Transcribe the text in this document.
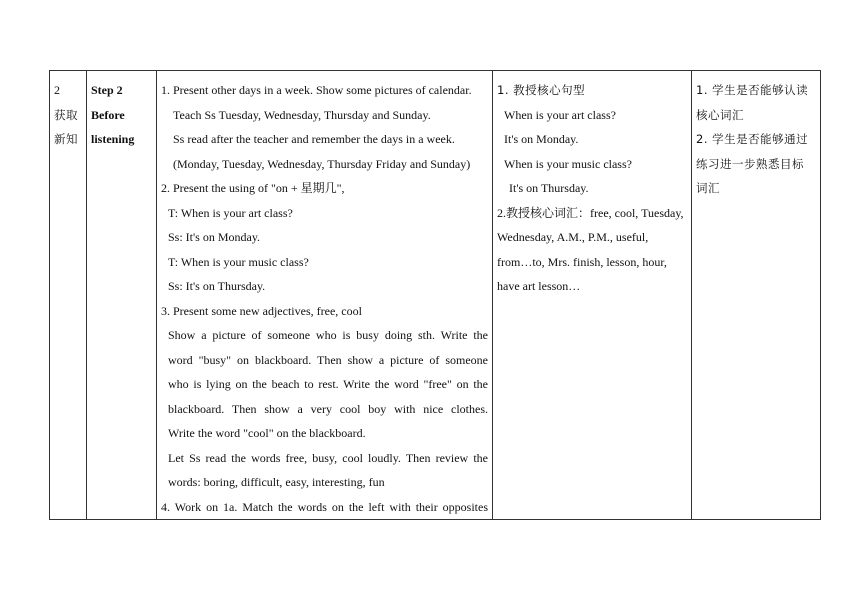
2
获取
新知

Step 2
Before
listening

1. Present other days in a week. Show some pictures of calendar.
Teach Ss Tuesday, Wednesday, Thursday and Sunday.
Ss read after the teacher and remember the days in a week.
(Monday, Tuesday, Wednesday, Thursday Friday and Sunday)
2. Present the using of "on + 星期几",
T: When is your art class?
Ss: It's on Monday.
T: When is your music class?
Ss: It's on Thursday.
3. Present some new adjectives, free, cool
Show a picture of someone who is busy doing sth. Write the
word "busy" on blackboard. Then show a picture of someone
who is lying on the beach to rest. Write the word "free" on the
blackboard. Then show a very cool boy with nice clothes.
Write the word "cool" on the blackboard.
Let Ss read the words free, busy, cool loudly. Then review the
words: boring, difficult, easy, interesting, fun
4. Work on 1a. Match the words on the left with their opposites

1. 教授核心句型
When is your art class?
It's on Monday.
When is your music class?
It's on Thursday.
2.教授核心词汇：free, cool, Tuesday,
Wednesday, A.M., P.M., useful,
from…to, Mrs. finish, lesson, hour,
have art lesson…

1. 学生是否能够认读
核心词汇
2. 学生是否能够通过
练习进一步熟悉目标
词汇
